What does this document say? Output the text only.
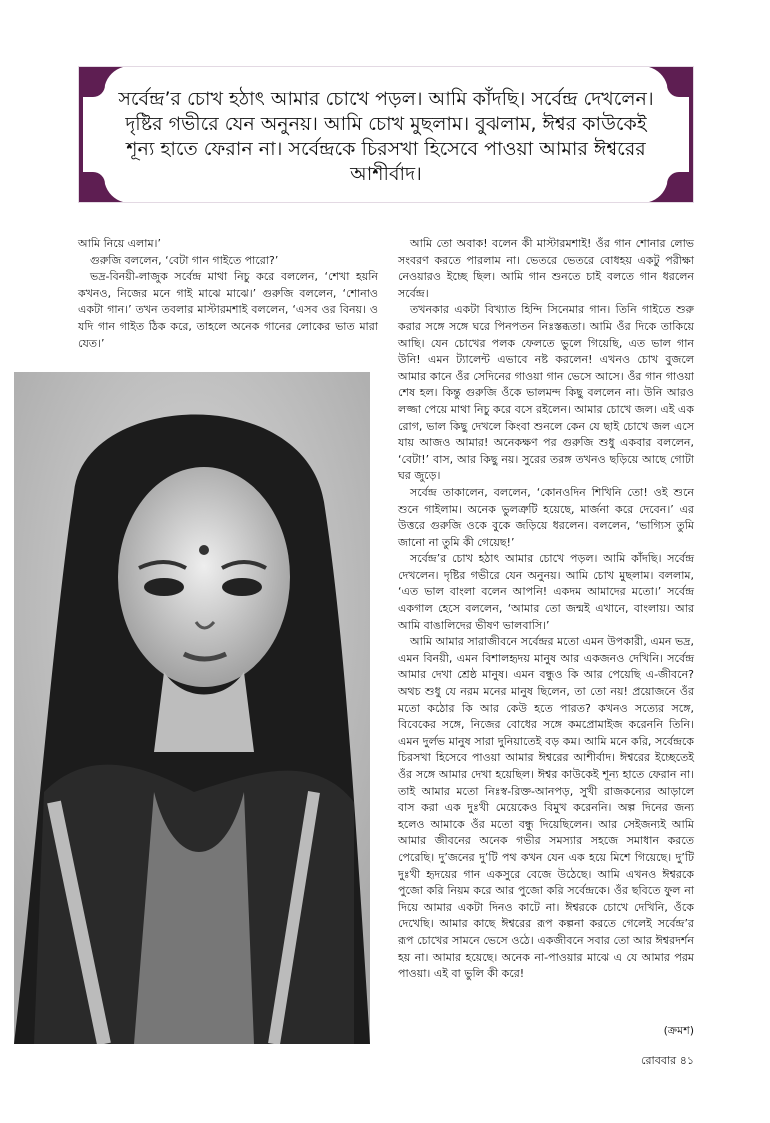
সর্বেন্দ্র’র চোখ হঠাৎ আমার চোখে পড়ল। আমি কাঁদছি। সর্বেন্দ্র দেখলেন। দৃষ্টির গভীরে যেন অনুনয়। আমি চোখ মুছলাম। বুঝলাম, ঈশ্বর কাউকেই শূন্য হাতে ফেরান না। সর্বেন্দ্রকে চিরসখা হিসেবে পাওয়া আমার ঈশ্বরের আশীর্বাদ।

আমি নিয়ে এলাম।’

গুরুজি বললেন, ‘বেটা গান গাইতে পারো?’

ভদ্র-বিনয়ী-লাজুক সর্বেন্দ্র মাথা নিচু করে বললেন, ‘শেখা হয়নি কখনও, নিজের মনে গাই মাঝে মাঝে।’ গুরুজি বললেন, ‘শোনাও একটা গান।’ তখন তবলার মাস্টারমশাই বললেন, ‘এসব ওর বিনয়। ও যদি গান গাইত ঠিক করে, তাহলে অনেক গানের লোকের ভাত মারা যেত।’

আমি তো অবাক! বলেন কী মাস্টারমশাই! ওঁর গান শোনার লোভ সংবরণ করতে পারলাম না। ভেতরে ভেতরে বোধহয় একটু পরীক্ষা নেওয়ারও ইচ্ছে ছিল। আমি গান শুনতে চাই বলতে গান ধরলেন সর্বেন্দ্র।

তখনকার একটা বিখ্যাত হিন্দি সিনেমার গান। তিনি গাইতে শুরু করার সঙ্গে সঙ্গে ঘরে পিনপতন নিঃস্তব্ধতা। আমি ওঁর দিকে তাকিয়ে আছি। যেন চোখের পলক ফেলতে ভুলে গিয়েছি, এত ভাল গান উনি! এমন ট্যালেন্ট এভাবে নষ্ট করলেন! এখনও চোখ বুজলে আমার কানে ওঁর সেদিনের গাওয়া গান ভেসে আসে। ওঁর গান গাওয়া শেষ হল। কিন্তু গুরুজি ওঁকে ভালমন্দ কিছু বললেন না। উনি আরও লজ্জা পেয়ে মাথা নিচু করে বসে রইলেন। আমার চোখে জল। এই এক রোগ, ভাল কিছু দেখলে কিংবা শুনলে কেন যে ছাই চোখে জল এসে যায় আজও আমার! অনেকক্ষণ পর গুরুজি শুধু একবার বললেন, ‘বেটা!’ বাস, আর কিছু নয়। সুরের তরঙ্গ তখনও ছড়িয়ে আছে গোটা ঘর জুড়ে।

সর্বেন্দ্র তাকালেন, বললেন, ‘কোনওদিন শিখিনি তো! ওই শুনে শুনে গাইলাম। অনেক ভুলত্রুটি হয়েছে, মার্জনা করে দেবেন।’ এর উত্তরে গুরুজি ওকে বুকে জড়িয়ে ধরলেন। বললেন, ‘ভাগ্যিস তুমি জানো না তুমি কী গেয়েছ!’

সর্বেন্দ্র’র চোখ হঠাৎ আমার চোখে পড়ল। আমি কাঁদছি। সর্বেন্দ্র দেখলেন। দৃষ্টির গভীরে যেন অনুনয়। আমি চোখ মুছলাম। বললাম, ‘এত ভাল বাংলা বলেন আপনি! একদম আমাদের মতো।’ সর্বেন্দ্র একগাল হেসে বললেন, ‘আমার তো জন্মই এখানে, বাংলায়। আর আমি বাঙালিদের ভীষণ ভালবাসি।’

আমি আমার সারাজীবনে সর্বেন্দ্রর মতো এমন উপকারী, এমন ভদ্র, এমন বিনয়ী, এমন বিশালহৃদয় মানুষ আর একজনও দেখিনি। সর্বেন্দ্র আমার দেখা শ্রেষ্ঠ মানুষ। এমন বন্ধুও কি আর পেয়েছি এ-জীবনে? অথচ শুধু যে নরম মনের মানুষ ছিলেন, তা তো নয়! প্রয়োজনে ওঁর মতো কঠোর কি আর কেউ হতে পারত? কখনও সত্যের সঙ্গে, বিবেকের সঙ্গে, নিজের বোধের সঙ্গে কমপ্রোমাইজ করেননি তিনি। এমন দুর্লভ মানুষ সারা দুনিয়াতেই বড় কম। আমি মনে করি, সর্বেন্দ্রকে চিরসখা হিসেবে পাওয়া আমার ঈশ্বরের আশীর্বাদ। ঈশ্বরের ইচ্ছেতেই ওঁর সঙ্গে আমার দেখা হয়েছিল। ঈশ্বর কাউকেই শূন্য হাতে ফেরান না। তাই আমার মতো নিঃস্ব-রিক্ত-আনপড়, সুখী রাজকন্যের আড়ালে বাস করা এক দুঃখী মেয়েকেও বিমুখ করেননি। অল্প দিনের জন্য হলেও আমাকে ওঁর মতো বন্ধু দিয়েছিলেন। আর সেইজন্যই আমি আমার জীবনের অনেক গভীর সমস্যার সহজে সমাধান করতে পেরেছি। দু’জনের দু’টি পথ কখন যেন এক হয়ে মিশে গিয়েছে। দু’টি দুঃখী হৃদয়ের গান একসুরে বেজে উঠেছে। আমি এখনও ঈশ্বরকে পুজো করি নিয়ম করে আর পুজো করি সর্বেন্দ্রকে। ওঁর ছবিতে ফুল না দিয়ে আমার একটা দিনও কাটে না। ঈশ্বরকে চোখে দেখিনি, ওঁকে দেখেছি। আমার কাছে ঈশ্বরের রূপ কল্পনা করতে গেলেই সর্বেন্দ্র’র রূপ চোখের সামনে ভেসে ওঠে। একজীবনে সবার তো আর ঈশ্বরদর্শন হয় না। আমার হয়েছে। অনেক না-পাওয়ার মাঝে এ যে আমার পরম পাওয়া। এই বা ভুলি কী করে!

(ক্রমশ)
রোববার ৪১
